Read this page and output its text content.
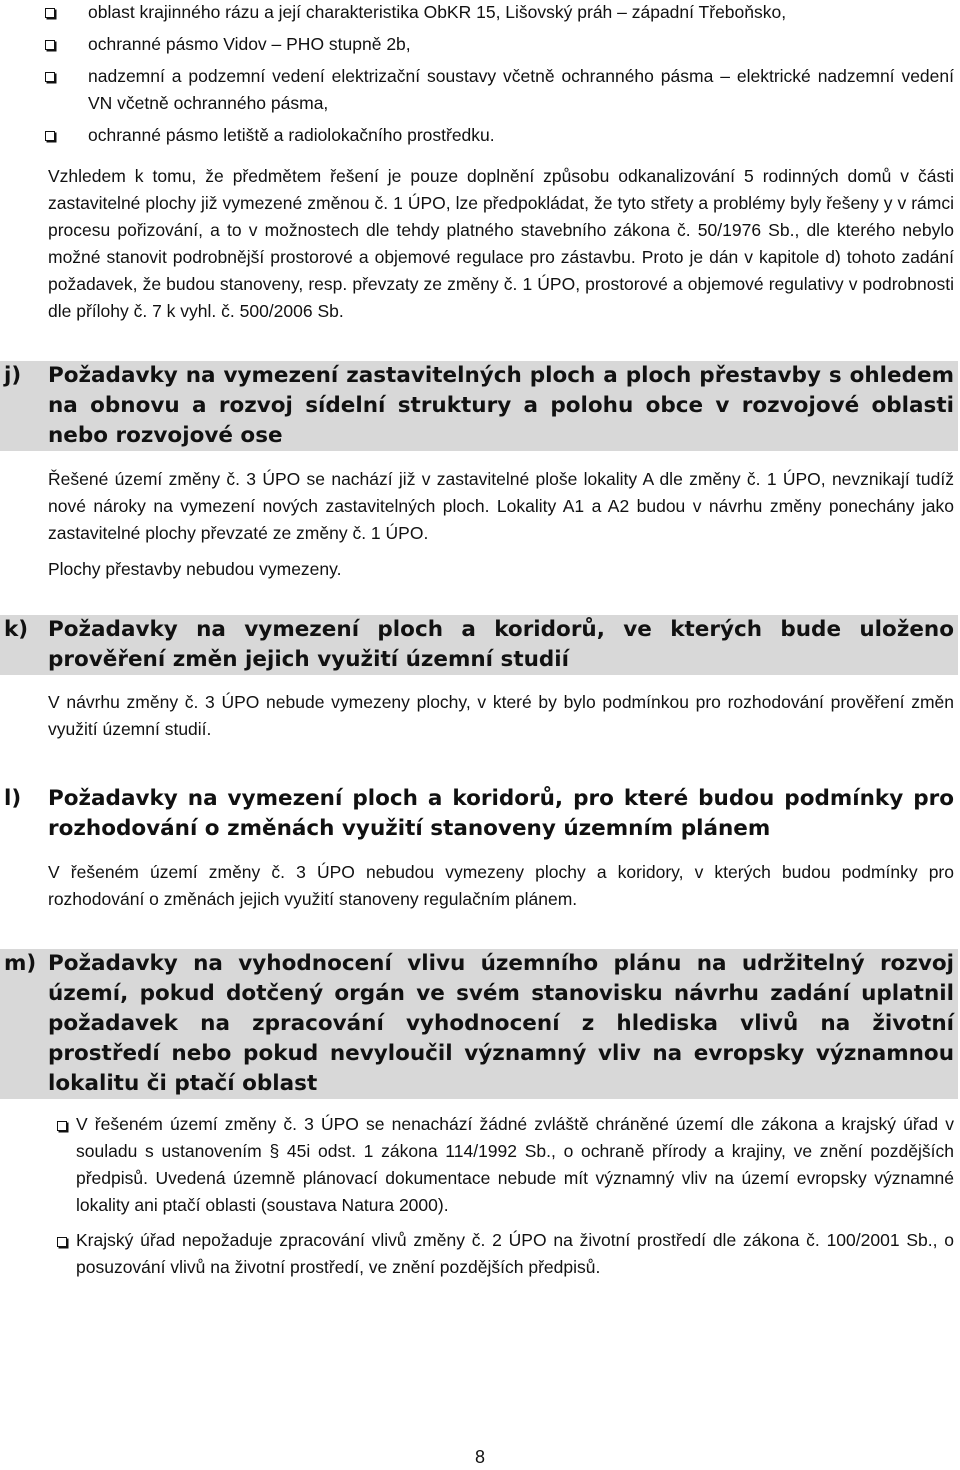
oblast krajinného rázu a její charakteristika ObKR 15, Lišovský práh – západní Třeboňsko,
ochranné pásmo Vidov – PHO stupně 2b,
nadzemní a podzemní vedení elektrizační soustavy včetně ochranného pásma – elektrické nadzemní vedení VN včetně ochranného pásma,
ochranné pásmo letiště a radiolokačního prostředku.

Vzhledem k tomu, že předmětem řešení je pouze doplnění způsobu odkanalizování 5 rodinných domů v části zastavitelné plochy již vymezené změnou č. 1 ÚPO, lze předpokládat, že tyto střety a problémy byly řešeny y v rámci procesu pořizování, a to v možnostech dle tehdy platného stavebního zákona č. 50/1976 Sb., dle kterého nebylo možné stanovit podrobnější prostorové a objemové regulace pro zástavbu. Proto je dán v kapitole d) tohoto zadání požadavek, že budou stanoveny, resp. převzaty ze změny č. 1 ÚPO, prostorové a objemové regulativy v podrobnosti dle přílohy č. 7 k vyhl. č. 500/2006 Sb.

j)	Požadavky na vymezení zastavitelných ploch a ploch přestavby s ohledem na obnovu a rozvoj sídelní struktury a polohu obce v rozvojové oblasti nebo rozvojové ose

Řešené území změny č. 3 ÚPO se nachází již v zastavitelné ploše lokality A dle změny č. 1 ÚPO, nevznikají tudíž nové nároky na vymezení nových zastavitelných ploch. Lokality A1 a A2 budou v návrhu změny ponechány jako zastavitelné plochy převzaté ze změny č. 1 ÚPO.

Plochy přestavby nebudou vymezeny.

k) Požadavky na vymezení ploch a koridorů, ve kterých bude uloženo prověření změn jejich využití územní studií

V návrhu změny č. 3 ÚPO nebude vymezeny plochy, v které by bylo podmínkou pro rozhodování prověření změn využití územní studií.

l)	Požadavky na vymezení ploch a koridorů, pro které budou podmínky pro rozhodování o změnách využití stanoveny územním plánem

V řešeném území změny č. 3 ÚPO nebudou vymezeny plochy a koridory, v kterých budou podmínky pro rozhodování o změnách jejich využití stanoveny regulačním plánem.

m) Požadavky na vyhodnocení vlivu územního plánu na udržitelný rozvoj území, pokud dotčený orgán ve svém stanovisku návrhu zadání uplatnil požadavek na zpracování vyhodnocení z hlediska vlivů na životní prostředí nebo pokud nevyloučil významný vliv na evropsky významnou lokalitu či ptačí oblast
V řešeném území změny č. 3 ÚPO se nenachází žádné zvláště chráněné území dle zákona a krajský úřad v souladu s ustanovením § 45i odst. 1 zákona 114/1992 Sb., o ochraně přírody a krajiny, ve znění pozdějších předpisů. Uvedená územně plánovací dokumentace nebude mít významný vliv na území evropsky významné lokality ani ptačí oblasti (soustava Natura 2000).
Krajský úřad nepožaduje zpracování vlivů změny č. 2 ÚPO na životní prostředí dle zákona č. 100/2001 Sb., o posuzování vlivů na životní prostředí, ve znění pozdějších předpisů.
8
